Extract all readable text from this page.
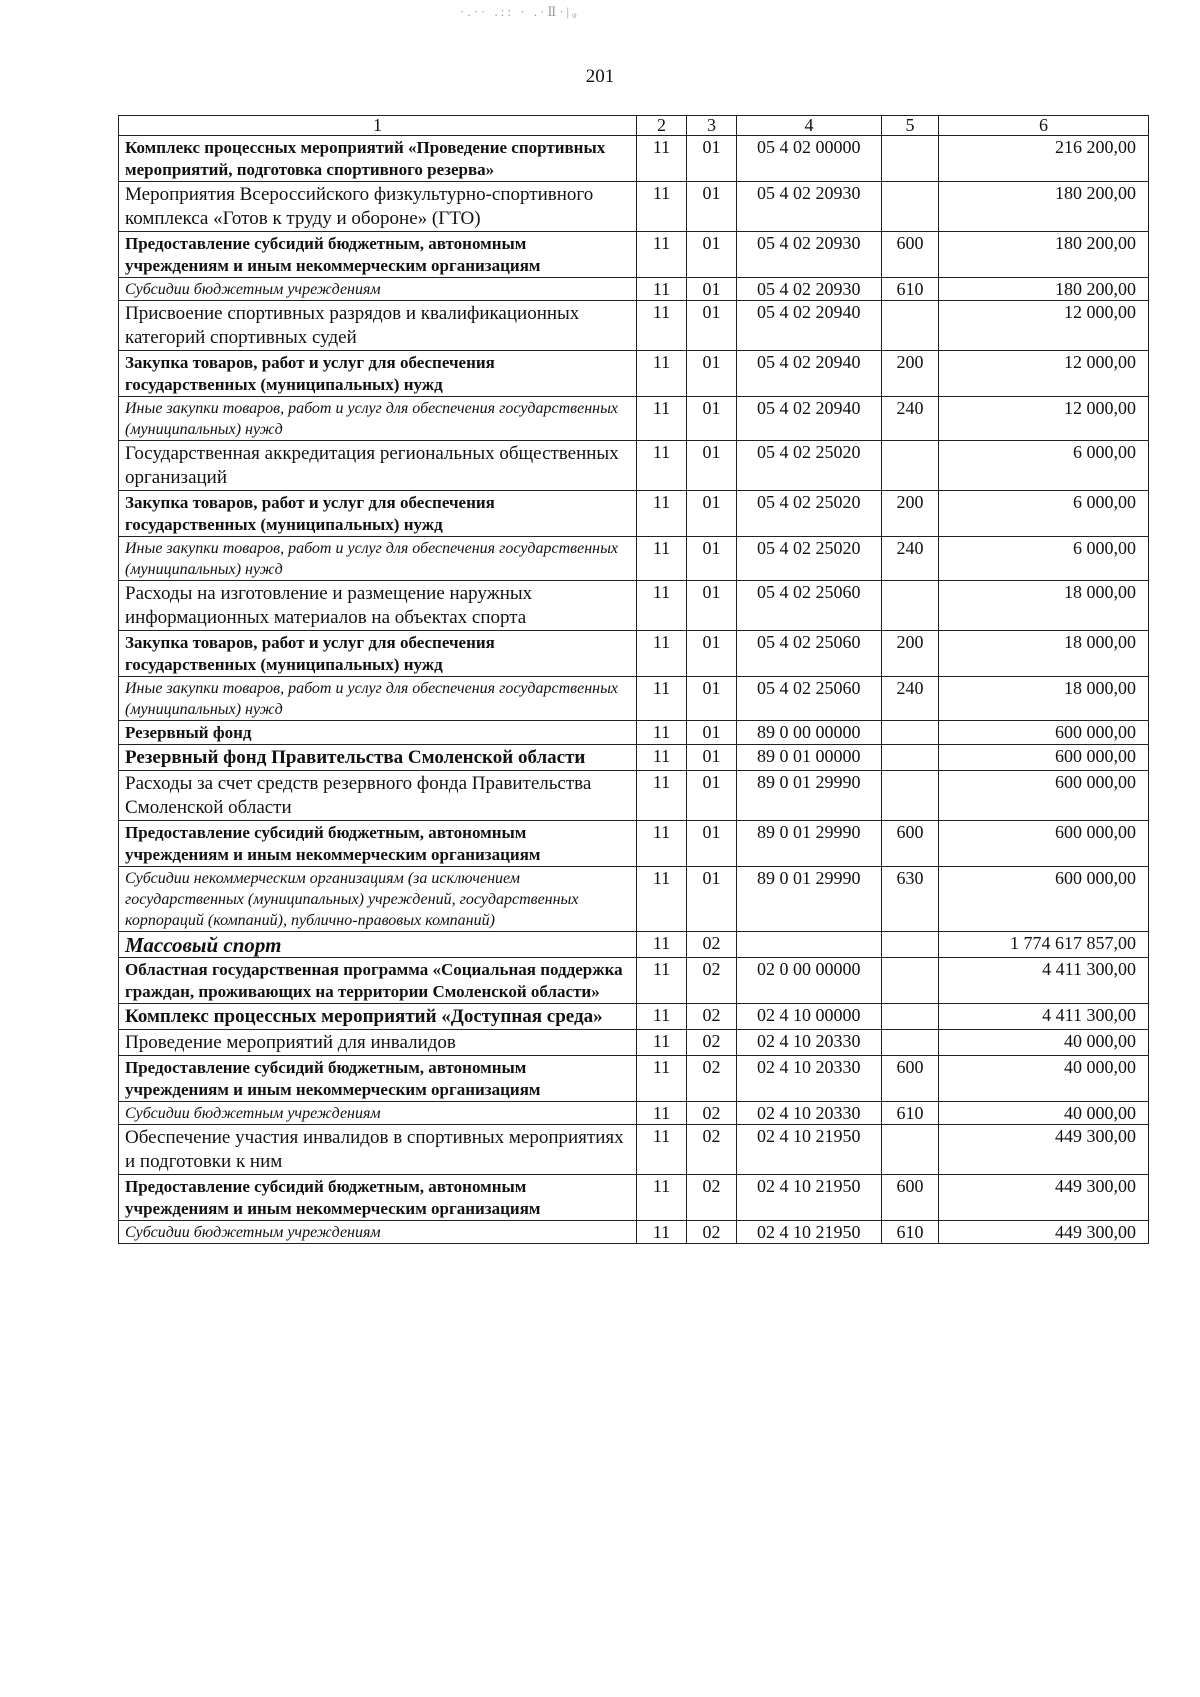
·.·· .:: · .·Ⅱ·|ᵩ
201
1	2	3	4	5	6
Комплекс процессных мероприятий «Проведение спортивных мероприятий, подготовка спортивного резерва»	11	01	05 4 02 00000		216 200,00
Мероприятия Всероссийского физкультурно-спортивного комплекса «Готов к труду и обороне» (ГТО)	11	01	05 4 02 20930		180 200,00
Предоставление субсидий бюджетным, автономным учреждениям и иным некоммерческим организациям	11	01	05 4 02 20930	600	180 200,00
Субсидии бюджетным учреждениям	11	01	05 4 02 20930	610	180 200,00
Присвоение спортивных разрядов и квалификационных категорий спортивных судей	11	01	05 4 02 20940		12 000,00
Закупка товаров, работ и услуг для обеспечения государственных (муниципальных) нужд	11	01	05 4 02 20940	200	12 000,00
Иные закупки товаров, работ и услуг для обеспечения государственных (муниципальных) нужд	11	01	05 4 02 20940	240	12 000,00
Государственная аккредитация региональных общественных организаций	11	01	05 4 02 25020		6 000,00
Закупка товаров, работ и услуг для обеспечения государственных (муниципальных) нужд	11	01	05 4 02 25020	200	6 000,00
Иные закупки товаров, работ и услуг для обеспечения государственных (муниципальных) нужд	11	01	05 4 02 25020	240	6 000,00
Расходы на изготовление и размещение наружных информационных материалов на объектах спорта	11	01	05 4 02 25060		18 000,00
Закупка товаров, работ и услуг для обеспечения государственных (муниципальных) нужд	11	01	05 4 02 25060	200	18 000,00
Иные закупки товаров, работ и услуг для обеспечения государственных (муниципальных) нужд	11	01	05 4 02 25060	240	18 000,00
Резервный фонд	11	01	89 0 00 00000		600 000,00
Резервный фонд Правительства Смоленской области	11	01	89 0 01 00000		600 000,00
Расходы за счет средств резервного фонда Правительства Смоленской области	11	01	89 0 01 29990		600 000,00
Предоставление субсидий бюджетным, автономным учреждениям и иным некоммерческим организациям	11	01	89 0 01 29990	600	600 000,00
Субсидии некоммерческим организациям (за исключением государственных (муниципальных) учреждений, государственных корпораций (компаний), публично-правовых компаний)	11	01	89 0 01 29990	630	600 000,00
Массовый спорт	11	02			1 774 617 857,00
Областная государственная программа «Социальная поддержка граждан, проживающих на территории Смоленской области»	11	02	02 0 00 00000		4 411 300,00
Комплекс процессных мероприятий «Доступная среда»	11	02	02 4 10 00000		4 411 300,00
Проведение мероприятий для инвалидов	11	02	02 4 10 20330		40 000,00
Предоставление субсидий бюджетным, автономным учреждениям и иным некоммерческим организациям	11	02	02 4 10 20330	600	40 000,00
Субсидии бюджетным учреждениям	11	02	02 4 10 20330	610	40 000,00
Обеспечение участия инвалидов в спортивных мероприятиях и подготовки к ним	11	02	02 4 10 21950		449 300,00
Предоставление субсидий бюджетным, автономным учреждениям и иным некоммерческим организациям	11	02	02 4 10 21950	600	449 300,00
Субсидии бюджетным учреждениям	11	02	02 4 10 21950	610	449 300,00
